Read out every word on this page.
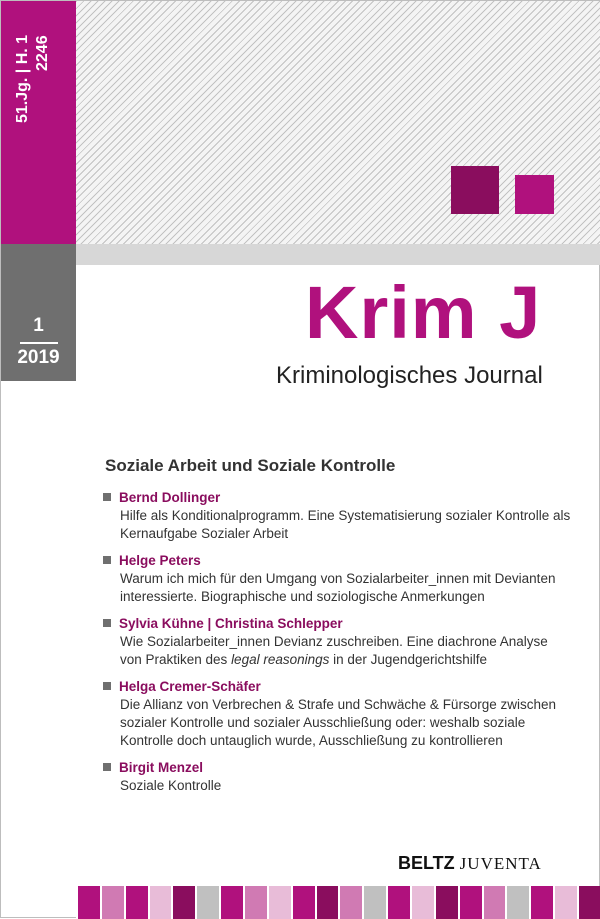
51.Jg. | H. 1 2246
1
2019
Krim J
Kriminologisches Journal
Soziale Arbeit und Soziale Kontrolle
Bernd Dollinger
Hilfe als Konditionalprogramm. Eine Systematisierung sozialer Kontrolle als Kernaufgabe Sozialer Arbeit
Helge Peters
Warum ich mich für den Umgang von Sozialarbeiter_innen mit Devianten interessierte. Biographische und soziologische Anmerkungen
Sylvia Kühne | Christina Schlepper
Wie Sozialarbeiter_innen Devianz zuschreiben. Eine diachrone Analyse von Praktiken des legal reasonings in der Jugendgerichtshilfe
Helga Cremer-Schäfer
Die Allianz von Verbrechen & Strafe und Schwäche & Fürsorge zwischen sozialer Kontrolle und sozialer Ausschließung oder: weshalb soziale Kontrolle doch untauglich wurde, Ausschließung zu kontrollieren
Birgit Menzel
Soziale Kontrolle
BELTZ JUVENTA
